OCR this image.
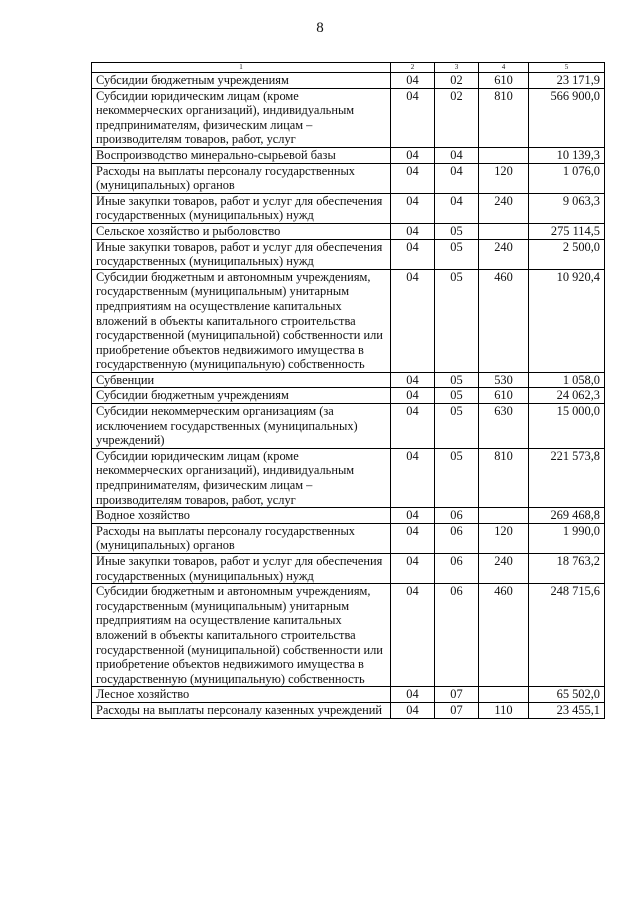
8
1	2	3	4	5
Субсидии бюджетным учреждениям	04	02	610	23 171,9
Субсидии юридическим лицам (кроме некоммерческих организаций), индивидуальным предпринимателям, физическим лицам – производителям товаров, работ, услуг	04	02	810	566 900,0
Воспроизводство минерально-сырьевой базы	04	04		10 139,3
Расходы на выплаты персоналу государственных (муниципальных) органов	04	04	120	1 076,0
Иные закупки товаров, работ и услуг для обеспечения государственных (муниципальных) нужд	04	04	240	9 063,3
Сельское хозяйство и рыболовство	04	05		275 114,5
Иные закупки товаров, работ и услуг для обеспечения государственных (муниципальных) нужд	04	05	240	2 500,0
Субсидии бюджетным и автономным учреждениям, государственным (муниципальным) унитарным предприятиям на осуществление капитальных вложений в объекты капитального строительства государственной (муниципальной) собственности или приобретение объектов недвижимого имущества в государственную (муниципальную) собственность	04	05	460	10 920,4
Субвенции	04	05	530	1 058,0
Субсидии бюджетным учреждениям	04	05	610	24 062,3
Субсидии некоммерческим организациям (за исключением государственных (муниципальных) учреждений)	04	05	630	15 000,0
Субсидии юридическим лицам (кроме некоммерческих организаций), индивидуальным предпринимателям, физическим лицам – производителям товаров, работ, услуг	04	05	810	221 573,8
Водное хозяйство	04	06		269 468,8
Расходы на выплаты персоналу государственных (муниципальных) органов	04	06	120	1 990,0
Иные закупки товаров, работ и услуг для обеспечения государственных (муниципальных) нужд	04	06	240	18 763,2
Субсидии бюджетным и автономным учреждениям, государственным (муниципальным) унитарным предприятиям на осуществление капитальных вложений в объекты капитального строительства государственной (муниципальной) собственности или приобретение объектов недвижимого имущества в государственную (муниципальную) собственность	04	06	460	248 715,6
Лесное хозяйство	04	07		65 502,0
Расходы на выплаты персоналу казенных учреждений	04	07	110	23 455,1
